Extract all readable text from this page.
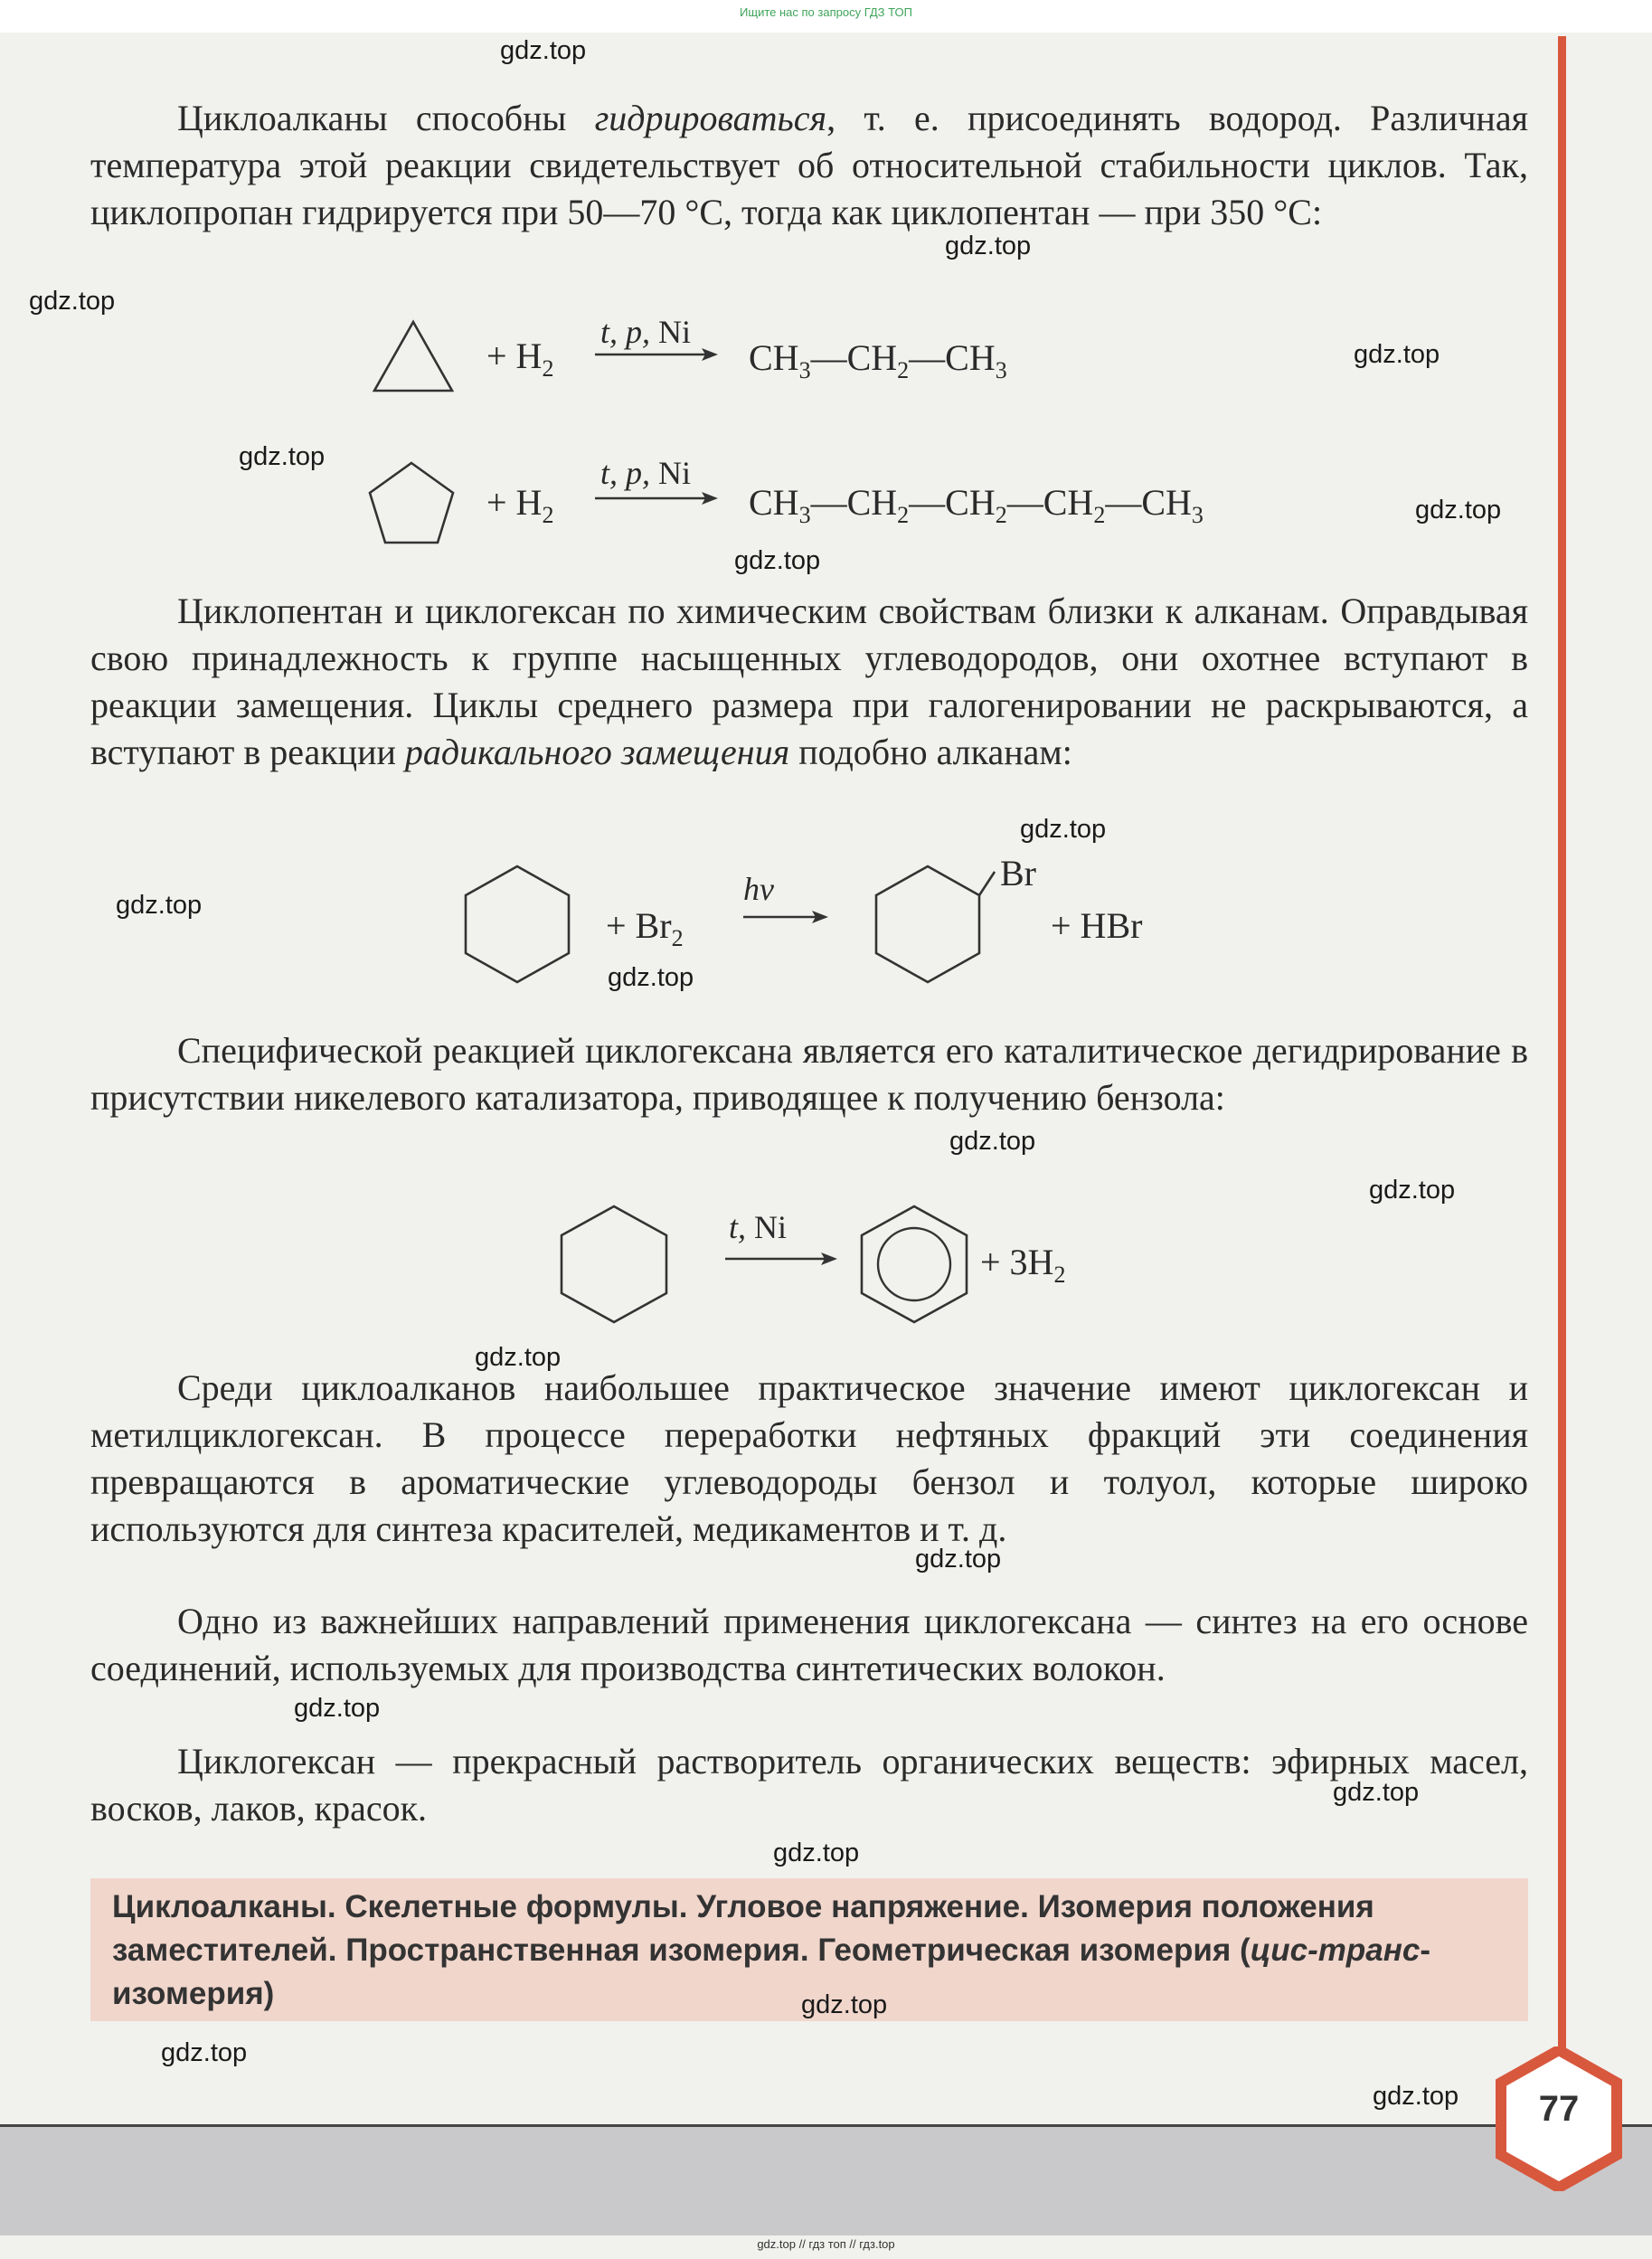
Ищите нас по запросу ГДЗ ТОП

Циклоалканы способны гидрироваться, т. е. присоединять водород. Различная температура этой реакции свидетельствует об относительной стабильности циклов. Так, циклопропан гидрируется при 50—70 °С, тогда как циклопентан — при 350 °С:

+ $H_2$
t, p, Ni
$CH_3—CH_2—CH_3$
+ $H_2$
t, p, Ni
$CH_3—CH_2—CH_2—CH_2—CH_3$

Циклопентан и циклогексан по химическим свойствам близки к алканам. Оправдывая свою принадлежность к группе насыщенных углеводородов, они охотнее вступают в реакции замещения. Циклы среднего размера при галогенировании не раскрываются, а вступают в реакции радикального замещения подобно алканам:

+ $Br_2$
hν	Br
+ HBr

Специфической реакцией циклогексана является его каталитическое дегидрирование в присутствии никелевого катализатора, приводящее к получению бензола:

t, Ni
+ $3H_2$

Среди циклоалканов наибольшее практическое значение имеют циклогексан и метилциклогексан. В процессе переработки нефтяных фракций эти соединения превращаются в ароматические углеводороды бензол и толуол, которые широко используются для синтеза красителей, медикаментов и т. д.

Одно из важнейших направлений применения циклогексана — синтез на его основе соединений, используемых для производства синтетических волокон.

Циклогексан — прекрасный растворитель органических веществ: эфирных масел, восков, лаков, красок.

Циклоалканы. Скелетные формулы. Угловое напряжение. Изомерия положения заместителей. Пространственная изомерия. Геометрическая изомерия (цис-транс-изомерия)
77
gdz.top // гдз топ // гдз.top
gdz.top
gdz.top
gdz.top
gdz.top
gdz.top
gdz.top
gdz.top
gdz.top
gdz.top
gdz.top
gdz.top
gdz.top
gdz.top
gdz.top
gdz.top
gdz.top
gdz.top
gdz.top
gdz.top
gdz.top
